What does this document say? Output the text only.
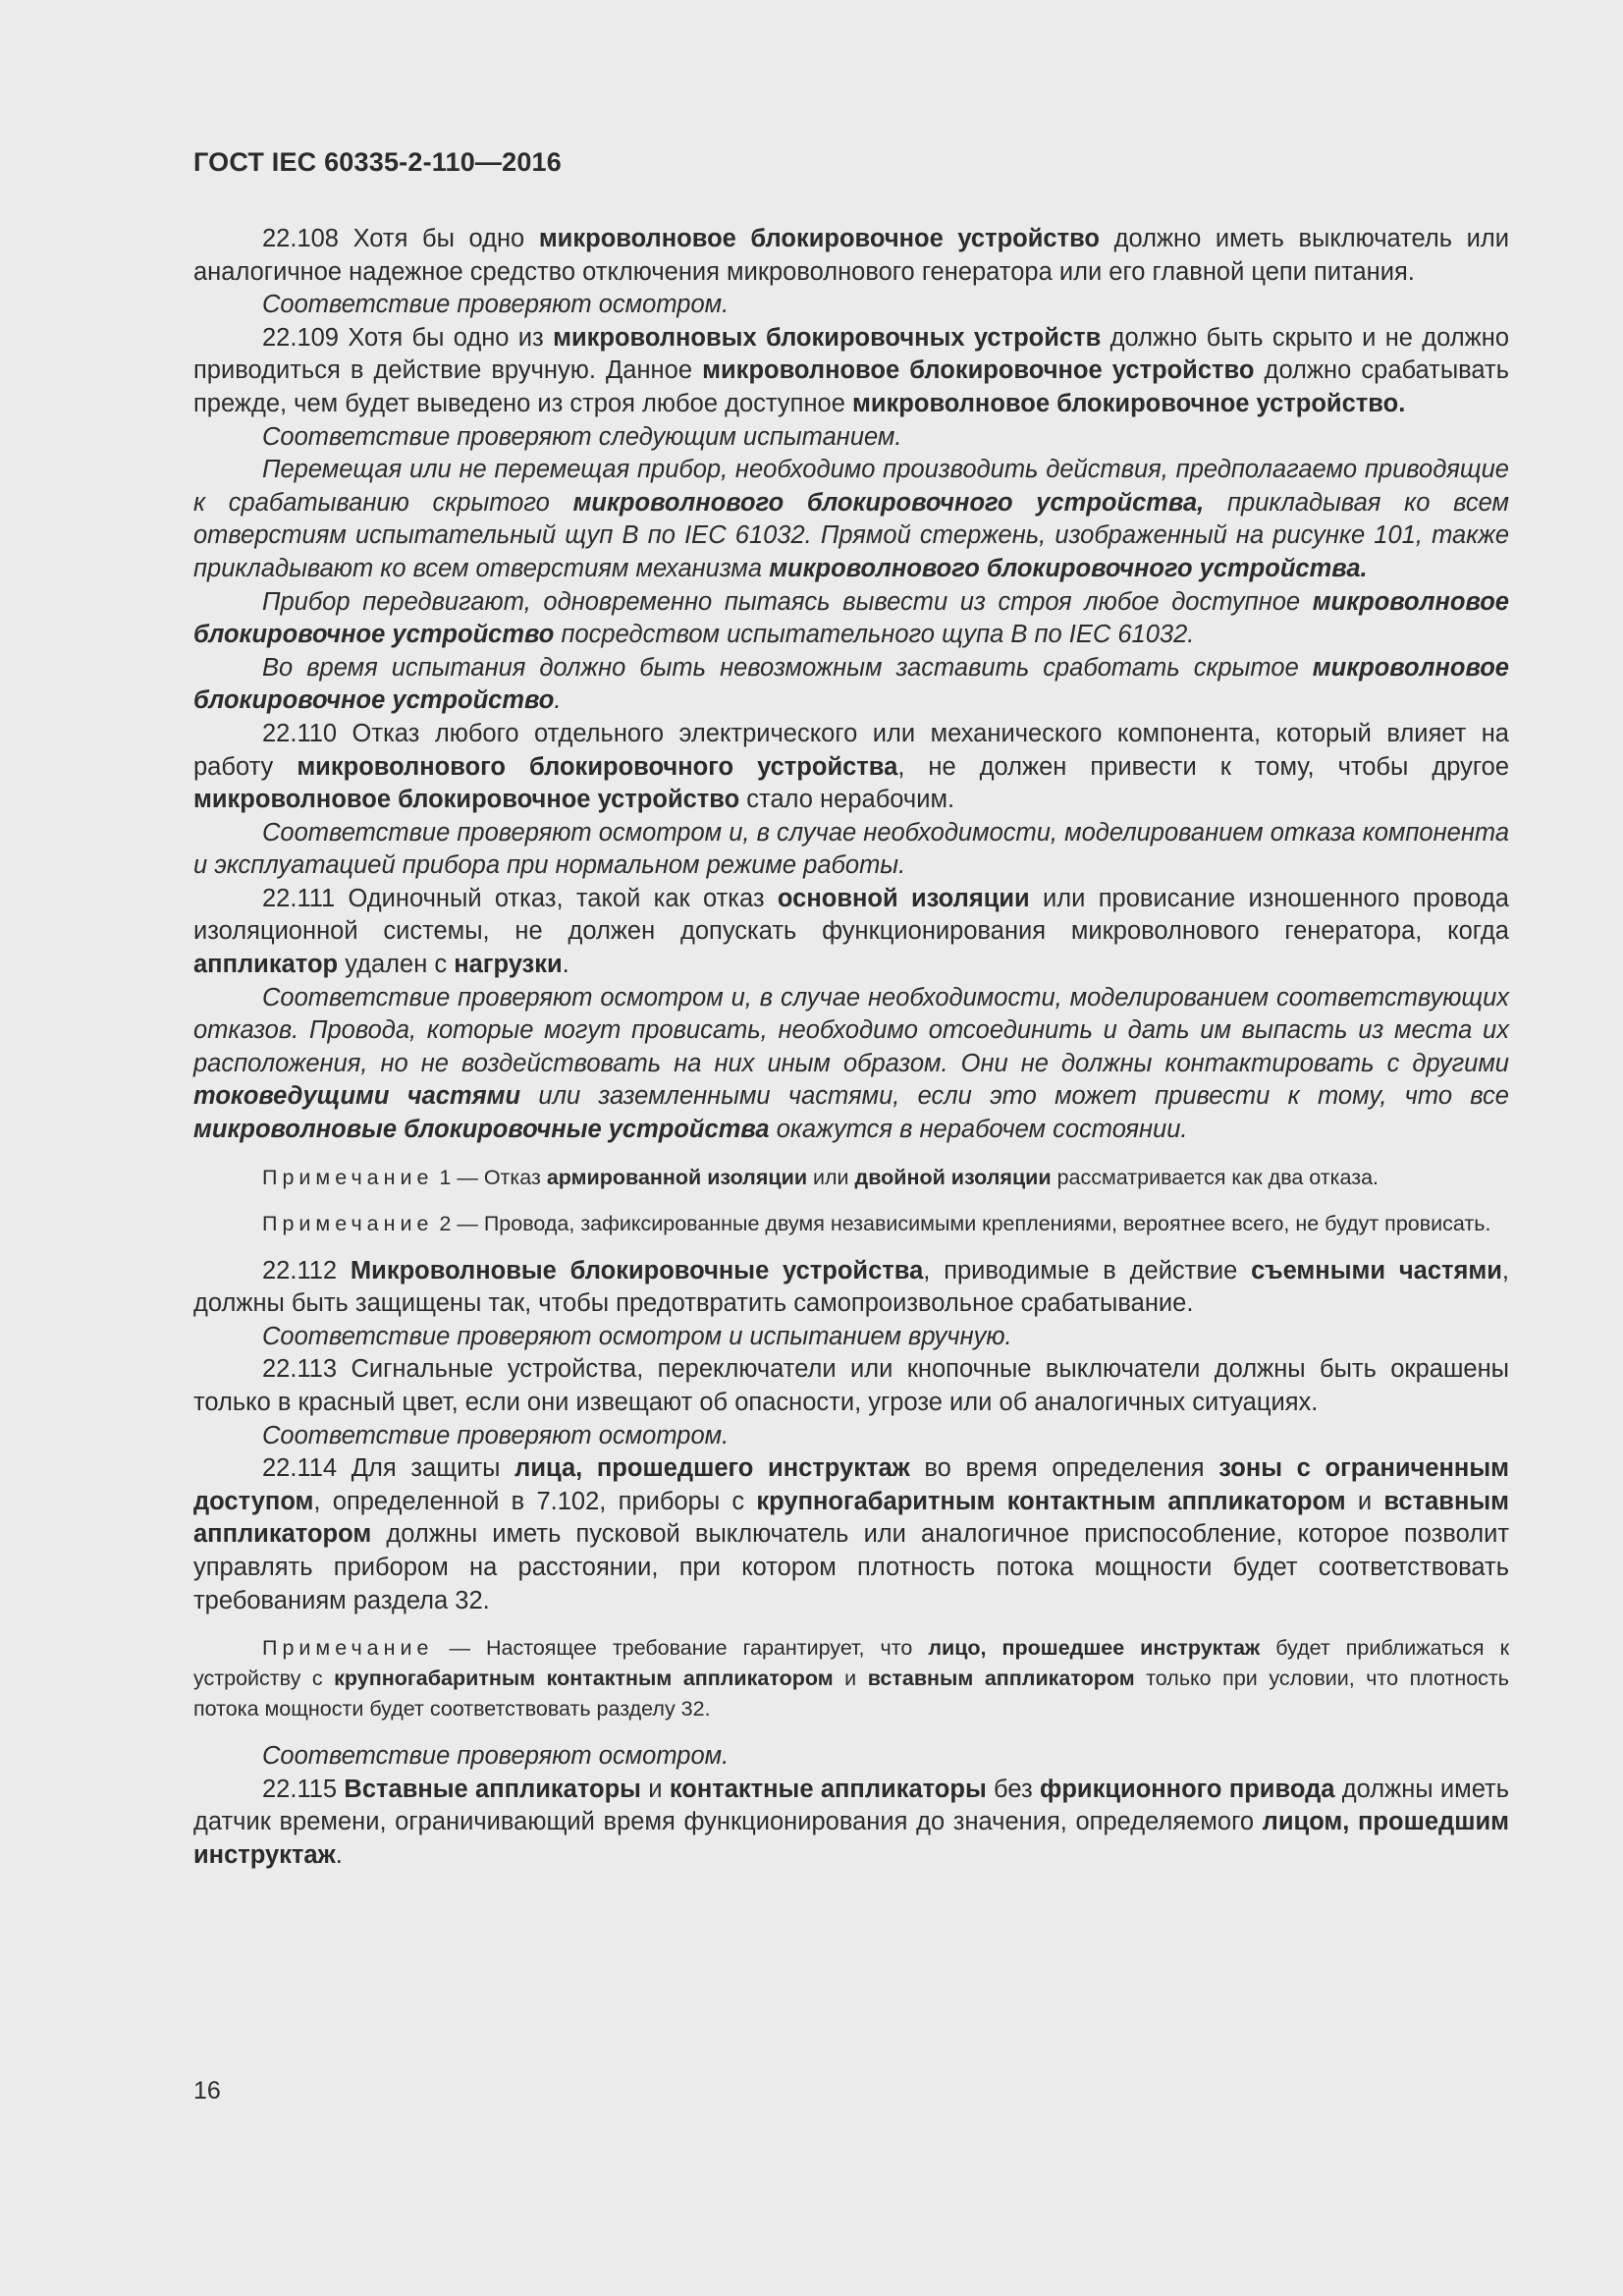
ГОСТ IEC 60335-2-110—2016

22.108 Хотя бы одно микроволновое блокировочное устройство должно иметь выключатель или аналогичное надежное средство отключения микроволнового генератора или его главной цепи питания.

Соответствие проверяют осмотром.

22.109 Хотя бы одно из микроволновых блокировочных устройств должно быть скрыто и не должно приводиться в действие вручную. Данное микроволновое блокировочное устройство должно срабатывать прежде, чем будет выведено из строя любое доступное микроволновое блокировочное устройство.

Соответствие проверяют следующим испытанием.

Перемещая или не перемещая прибор, необходимо производить действия, предполагаемо приводящие к срабатыванию скрытого микроволнового блокировочного устройства, прикладывая ко всем отверстиям испытательный щуп В по IEC 61032. Прямой стержень, изображенный на рисунке 101, также прикладывают ко всем отверстиям механизма микроволнового блокировочного устройства.

Прибор передвигают, одновременно пытаясь вывести из строя любое доступное микроволновое блокировочное устройство посредством испытательного щупа В по IEC 61032.

Во время испытания должно быть невозможным заставить сработать скрытое микроволновое блокировочное устройство.

22.110 Отказ любого отдельного электрического или механического компонента, который влияет на работу микроволнового блокировочного устройства, не должен привести к тому, чтобы другое микроволновое блокировочное устройство стало нерабочим.

Соответствие проверяют осмотром и, в случае необходимости, моделированием отказа компонента и эксплуатацией прибора при нормальном режиме работы.

22.111 Одиночный отказ, такой как отказ основной изоляции или провисание изношенного провода изоляционной системы, не должен допускать функционирования микроволнового генератора, когда аппликатор удален с нагрузки.

Соответствие проверяют осмотром и, в случае необходимости, моделированием соответствующих отказов. Провода, которые могут провисать, необходимо отсоединить и дать им выпасть из места их расположения, но не воздействовать на них иным образом. Они не должны контактировать с другими токоведущими частями или заземленными частями, если это может привести к тому, что все микроволновые блокировочные устройства окажутся в нерабочем состоянии.

Примечание 1 — Отказ армированной изоляции или двойной изоляции рассматривается как два отказа.

Примечание 2 — Провода, зафиксированные двумя независимыми креплениями, вероятнее всего, не будут провисать.

22.112 Микроволновые блокировочные устройства, приводимые в действие съемными частями, должны быть защищены так, чтобы предотвратить самопроизвольное срабатывание.

Соответствие проверяют осмотром и испытанием вручную.

22.113 Сигнальные устройства, переключатели или кнопочные выключатели должны быть окрашены только в красный цвет, если они извещают об опасности, угрозе или об аналогичных ситуациях.

Соответствие проверяют осмотром.

22.114 Для защиты лица, прошедшего инструктаж во время определения зоны с ограниченным доступом, определенной в 7.102, приборы с крупногабаритным контактным аппликатором и вставным аппликатором должны иметь пусковой выключатель или аналогичное приспособление, которое позволит управлять прибором на расстоянии, при котором плотность потока мощности будет соответствовать требованиям раздела 32.

Примечание — Настоящее требование гарантирует, что лицо, прошедшее инструктаж будет приближаться к устройству с крупногабаритным контактным аппликатором и вставным аппликатором только при условии, что плотность потока мощности будет соответствовать разделу 32.

Соответствие проверяют осмотром.

22.115 Вставные аппликаторы и контактные аппликаторы без фрикционного привода должны иметь датчик времени, ограничивающий время функционирования до значения, определяемого лицом, прошедшим инструктаж.

16
